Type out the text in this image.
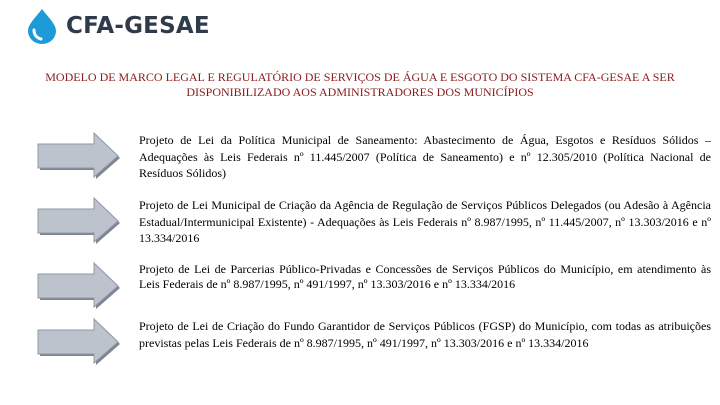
CFA-GESAE
MODELO DE MARCO LEGAL E REGULATÓRIO DE SERVIÇOS DE ÁGUA E ESGOTO DO SISTEMA CFA-GESAE A SER DISPONIBILIZADO AOS ADMINISTRADORES DOS MUNICÍPIOS
Projeto de Lei da Política Municipal de Saneamento: Abastecimento de Água, Esgotos e Resíduos Sólidos – Adequações às Leis Federais nº 11.445/2007 (Política de Saneamento) e nº 12.305/2010 (Política Nacional de Resíduos Sólidos)
Projeto de Lei Municipal de Criação da Agência de Regulação de Serviços Públicos Delegados (ou Adesão à Agência Estadual/Intermunicipal Existente) - Adequações às Leis Federais nº 8.987/1995, nº 11.445/2007, nº 13.303/2016 e nº 13.334/2016
Projeto de Lei de Parcerias Público-Privadas e Concessões de Serviços Públicos do Município, em atendimento às Leis Federais de nº 8.987/1995, nº 491/1997, nº 13.303/2016 e nº 13.334/2016
Projeto de Lei de Criação do Fundo Garantidor de Serviços Públicos (FGSP) do Município, com todas as atribuições previstas pelas Leis Federais de nº 8.987/1995, nº 491/1997, nº 13.303/2016 e nº 13.334/2016
